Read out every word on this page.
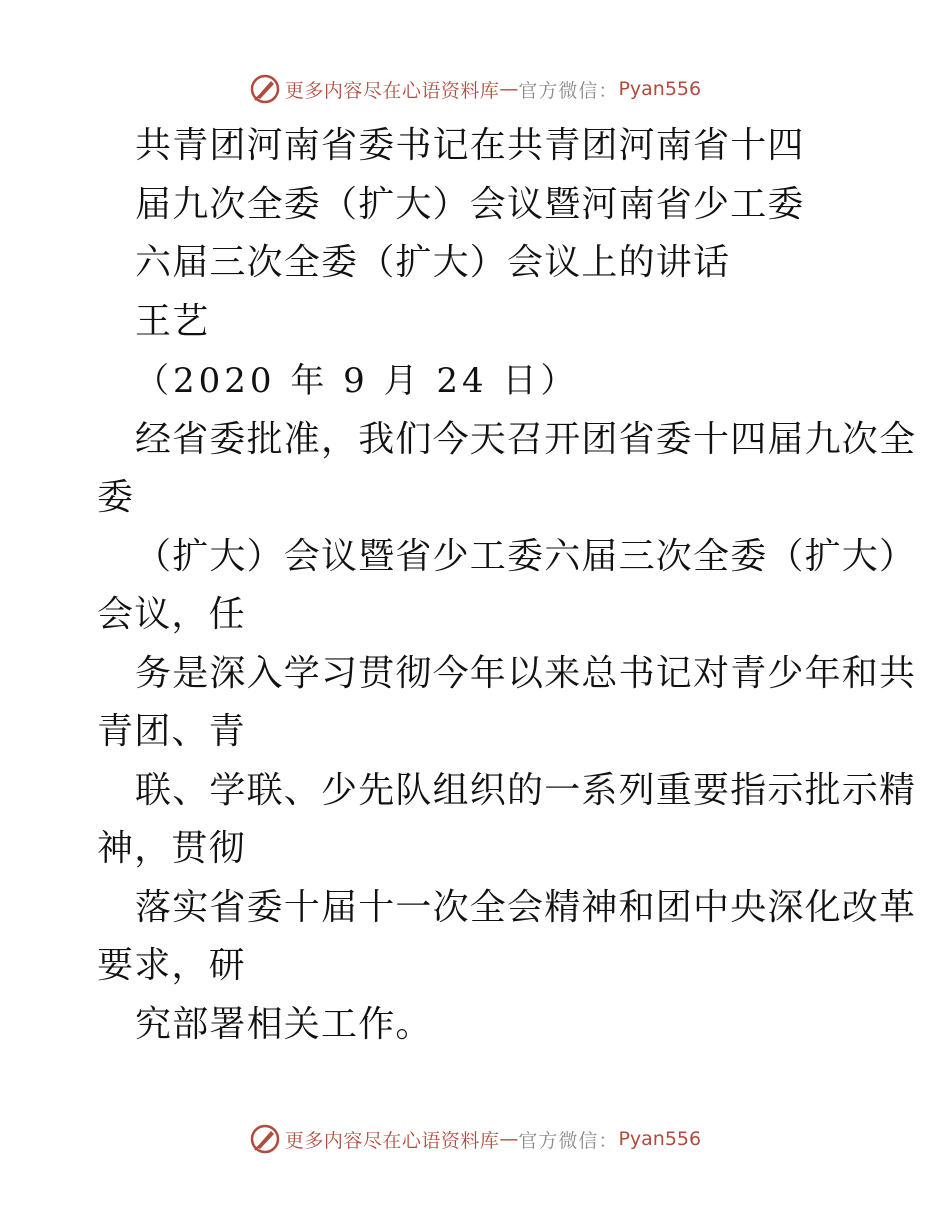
更多内容尽在心语资料库 — 官方微信： Pyan556
共青团河南省委书记在共青团河南省十四
届九次全委（扩大）会议暨河南省少工委
六届三次全委（扩大）会议上的讲话
王艺
（2020 年 9 月 24 日）
经省委批准，我们今天召开团省委十四届九次全
委
（扩大）会议暨省少工委六届三次全委（扩大）
会议，任
务是深入学习贯彻今年以来总书记对青少年和共
青团、青
联、学联、少先队组织的一系列重要指示批示精
神，贯彻
落实省委十届十一次全会精神和团中央深化改革
要求，研
究部署相关工作。
更多内容尽在心语资料库 — 官方微信： Pyan556
